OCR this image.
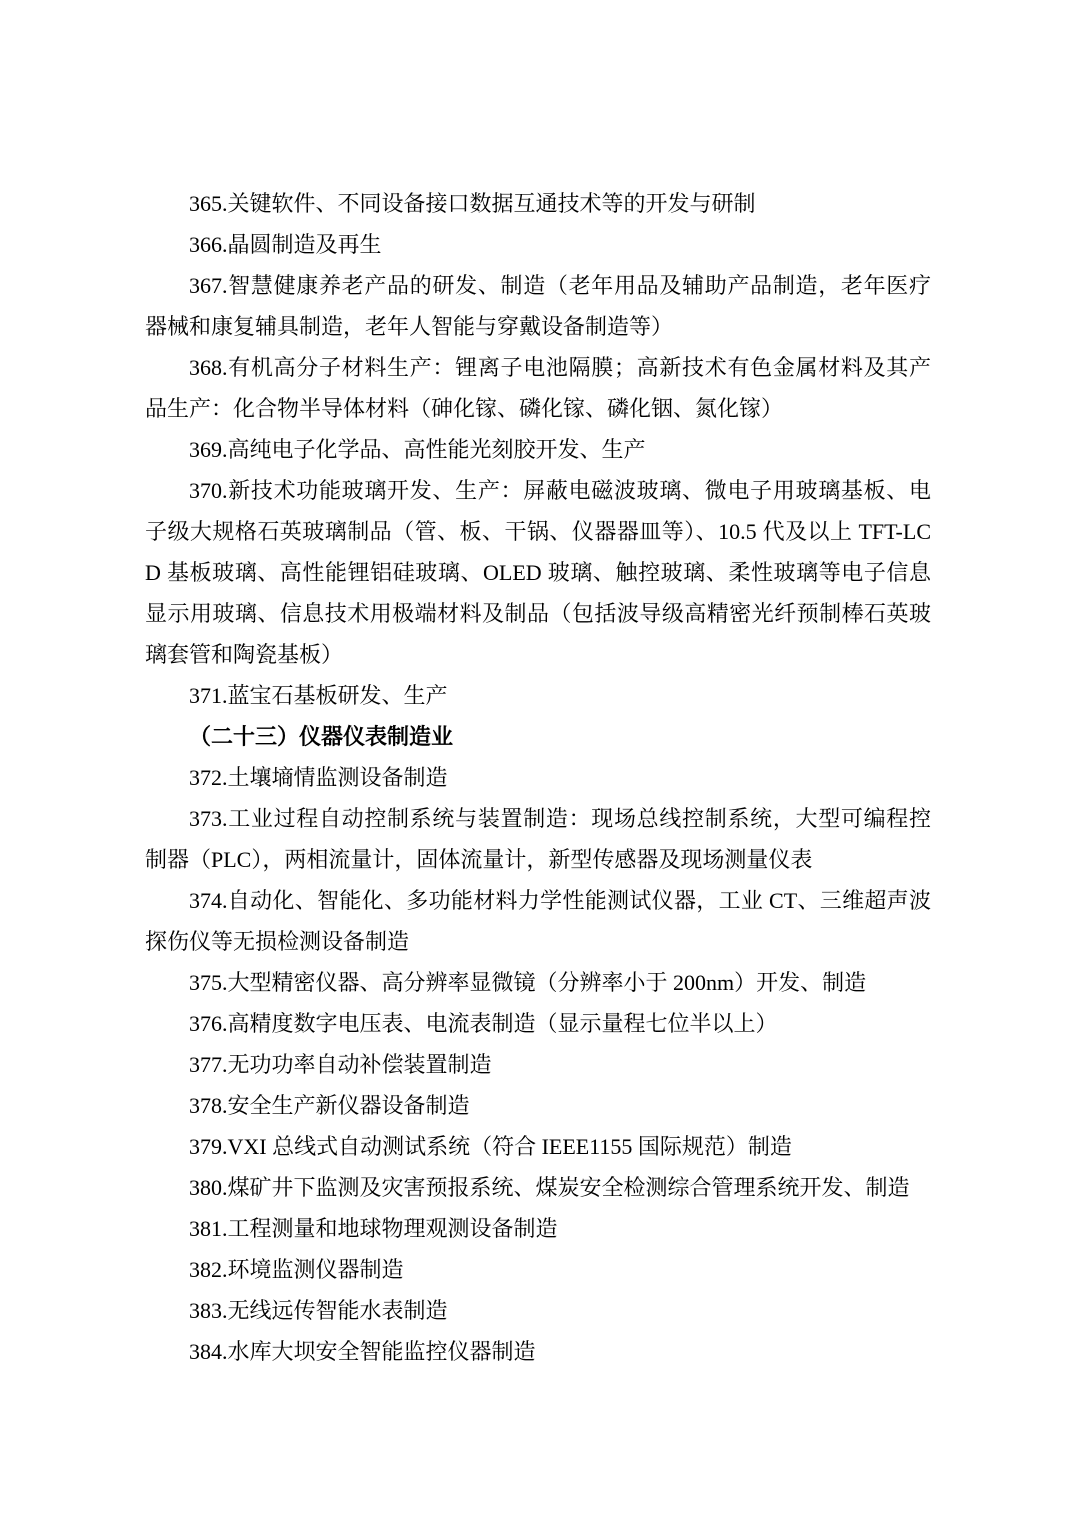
365.关键软件、不同设备接口数据互通技术等的开发与研制

366.晶圆制造及再生

367.智慧健康养老产品的研发、制造（老年用品及辅助产品制造，老年医疗器械和康复辅具制造，老年人智能与穿戴设备制造等）

368.有机高分子材料生产：锂离子电池隔膜；高新技术有色金属材料及其产品生产：化合物半导体材料（砷化镓、磷化镓、磷化铟、氮化镓）

369.高纯电子化学品、高性能光刻胶开发、生产

370.新技术功能玻璃开发、生产：屏蔽电磁波玻璃、微电子用玻璃基板、电子级大规格石英玻璃制品（管、板、干锅、仪器器皿等）、10.5 代及以上 TFT-LCD 基板玻璃、高性能锂铝硅玻璃、OLED 玻璃、触控玻璃、柔性玻璃等电子信息显示用玻璃、信息技术用极端材料及制品（包括波导级高精密光纤预制棒石英玻璃套管和陶瓷基板）

371.蓝宝石基板研发、生产

（二十三）仪器仪表制造业

372.土壤墒情监测设备制造

373.工业过程自动控制系统与装置制造：现场总线控制系统，大型可编程控制器（PLC），两相流量计，固体流量计，新型传感器及现场测量仪表

374.自动化、智能化、多功能材料力学性能测试仪器，工业 CT、三维超声波探伤仪等无损检测设备制造

375.大型精密仪器、高分辨率显微镜（分辨率小于 200nm）开发、制造

376.高精度数字电压表、电流表制造（显示量程七位半以上）

377.无功功率自动补偿装置制造

378.安全生产新仪器设备制造

379.VXI 总线式自动测试系统（符合 IEEE1155 国际规范）制造

380.煤矿井下监测及灾害预报系统、煤炭安全检测综合管理系统开发、制造

381.工程测量和地球物理观测设备制造

382.环境监测仪器制造

383.无线远传智能水表制造

384.水库大坝安全智能监控仪器制造
